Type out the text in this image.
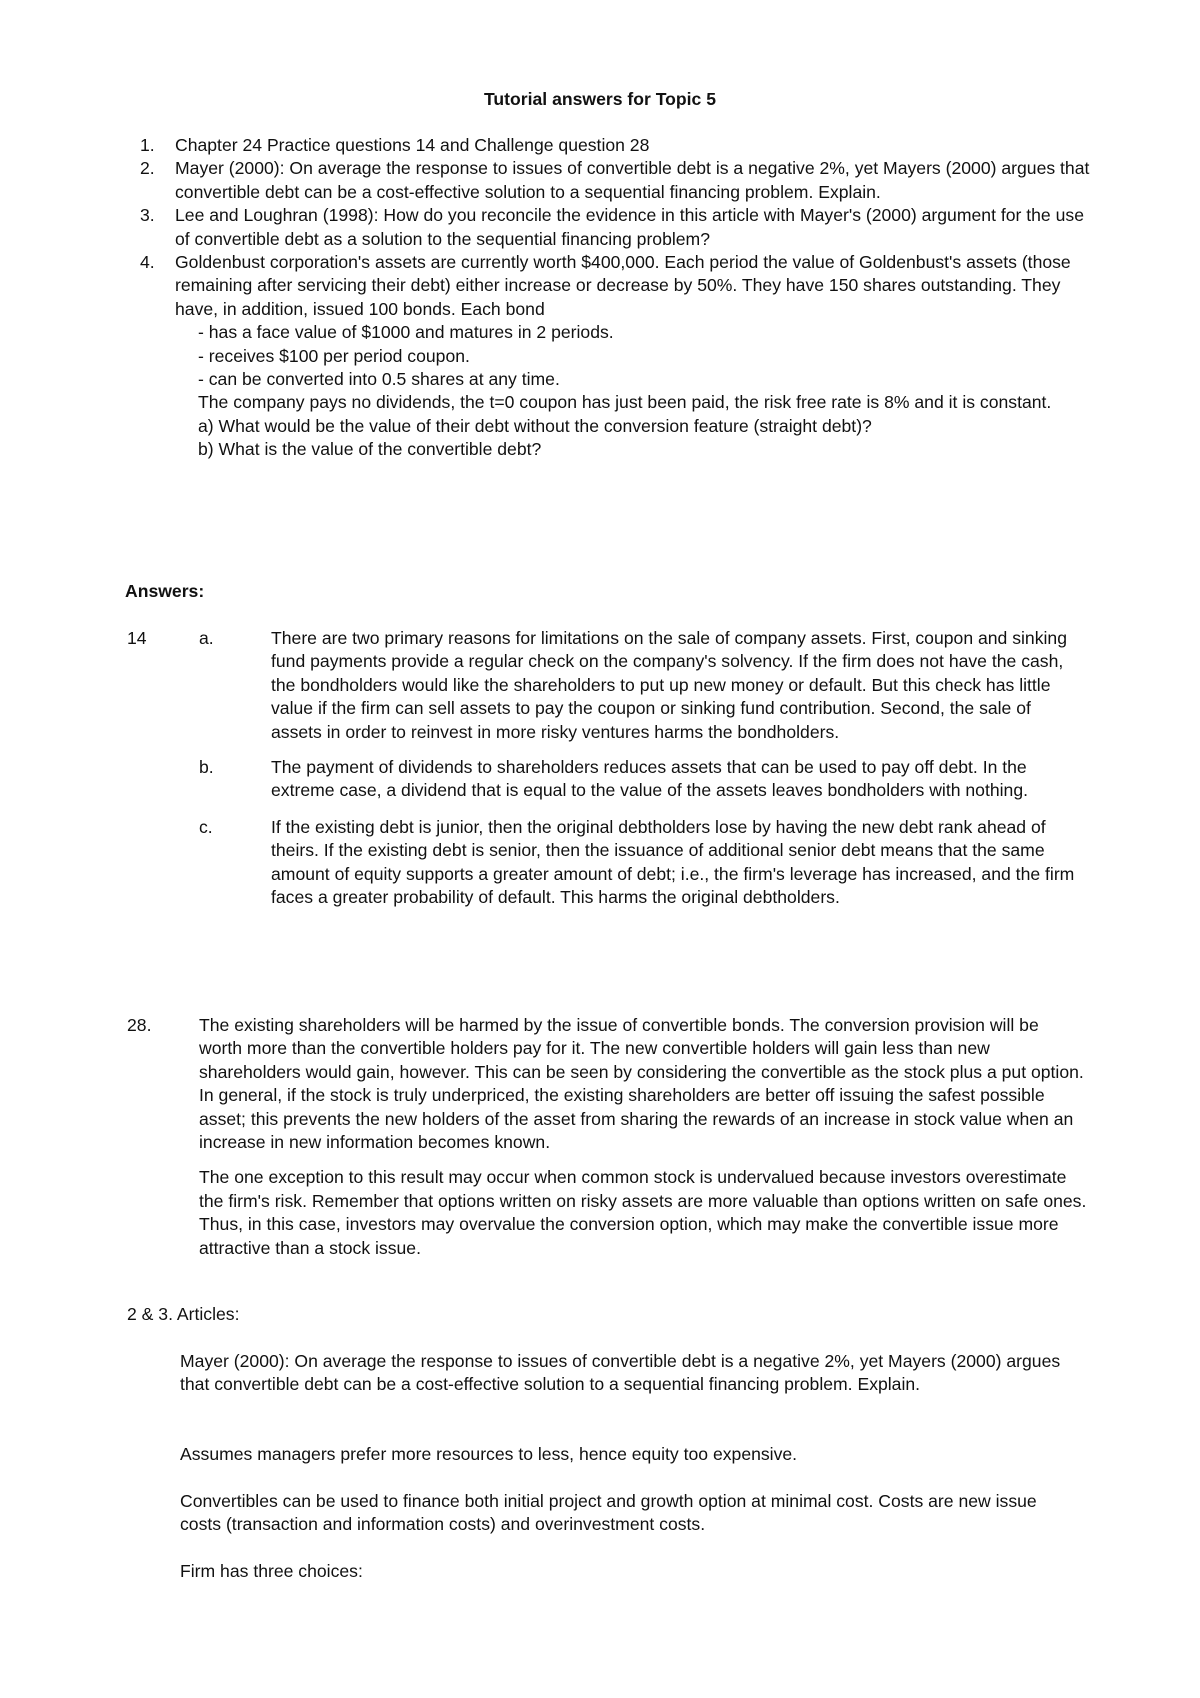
Tutorial answers for Topic 5
1. Chapter 24 Practice questions 14 and Challenge question 28
2. Mayer (2000): On average the response to issues of convertible debt is a negative 2%, yet Mayers (2000) argues that convertible debt can be a cost-effective solution to a sequential financing problem. Explain.
3. Lee and Loughran (1998): How do you reconcile the evidence in this article with Mayer's (2000) argument for the use of convertible debt as a solution to the sequential financing problem?
4. Goldenbust corporation's assets are currently worth $400,000. Each period the value of Goldenbust's assets (those remaining after servicing their debt) either increase or decrease by 50%. They have 150 shares outstanding. They have, in addition, issued 100 bonds. Each bond
- has a face value of $1000 and matures in 2 periods.
- receives $100 per period coupon.
- can be converted into 0.5 shares at any time.
The company pays no dividends, the t=0 coupon has just been paid, the risk free rate is 8% and it is constant.
a) What would be the value of their debt without the conversion feature (straight debt)?
b) What is the value of the convertible debt?
Answers:
14	a.	There are two primary reasons for limitations on the sale of company assets. First, coupon and sinking fund payments provide a regular check on the company's solvency. If the firm does not have the cash, the bondholders would like the shareholders to put up new money or default. But this check has little value if the firm can sell assets to pay the coupon or sinking fund contribution. Second, the sale of assets in order to reinvest in more risky ventures harms the bondholders.
b.	The payment of dividends to shareholders reduces assets that can be used to pay off debt. In the extreme case, a dividend that is equal to the value of the assets leaves bondholders with nothing.
c.	If the existing debt is junior, then the original debtholders lose by having the new debt rank ahead of theirs. If the existing debt is senior, then the issuance of additional senior debt means that the same amount of equity supports a greater amount of debt; i.e., the firm's leverage has increased, and the firm faces a greater probability of default. This harms the original debtholders.
28.	The existing shareholders will be harmed by the issue of convertible bonds. The conversion provision will be worth more than the convertible holders pay for it. The new convertible holders will gain less than new shareholders would gain, however. This can be seen by considering the convertible as the stock plus a put option. In general, if the stock is truly underpriced, the existing shareholders are better off issuing the safest possible asset; this prevents the new holders of the asset from sharing the rewards of an increase in stock value when an increase in new information becomes known.
The one exception to this result may occur when common stock is undervalued because investors overestimate the firm's risk. Remember that options written on risky assets are more valuable than options written on safe ones. Thus, in this case, investors may overvalue the conversion option, which may make the convertible issue more attractive than a stock issue.

2 & 3. Articles:

Mayer (2000): On average the response to issues of convertible debt is a negative 2%, yet Mayers (2000) argues that convertible debt can be a cost-effective solution to a sequential financing problem. Explain.

Assumes managers prefer more resources to less, hence equity too expensive.

Convertibles can be used to finance both initial project and growth option at minimal cost. Costs are new issue costs (transaction and information costs) and overinvestment costs.

Firm has three choices:
